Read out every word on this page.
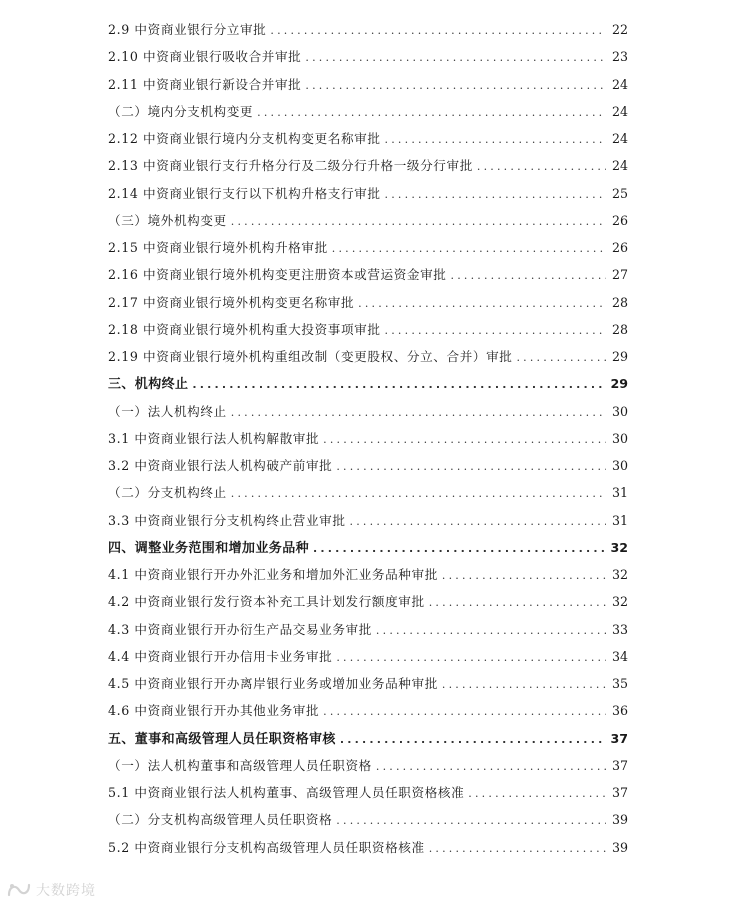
2.9 中资商业银行分立审批 .....	22
2.10 中资商业银行吸收合并审批 .....	23
2.11 中资商业银行新设合并审批 .....	24
（二）境内分支机构变更 .....	24
2.12 中资商业银行境内分支机构变更名称审批 .....	24
2.13 中资商业银行支行升格分行及二级分行升格一级分行审批 .....	24
2.14 中资商业银行支行以下机构升格支行审批 .....	25
（三）境外机构变更 .....	26
2.15 中资商业银行境外机构升格审批 .....	26
2.16 中资商业银行境外机构变更注册资本或营运资金审批 .....	27
2.17 中资商业银行境外机构变更名称审批 .....	28
2.18 中资商业银行境外机构重大投资事项审批 .....	28
2.19 中资商业银行境外机构重组改制（变更股权、分立、合并）审批 .....	29
三、机构终止 .....	29
（一）法人机构终止 .....	30
3.1 中资商业银行法人机构解散审批 .....	30
3.2 中资商业银行法人机构破产前审批 .....	30
（二）分支机构终止 .....	31
3.3 中资商业银行分支机构终止营业审批 .....	31
四、调整业务范围和增加业务品种 .....	32
4.1 中资商业银行开办外汇业务和增加外汇业务品种审批 .....	32
4.2 中资商业银行发行资本补充工具计划发行额度审批 .....	32
4.3 中资商业银行开办衍生产品交易业务审批 .....	33
4.4 中资商业银行开办信用卡业务审批 .....	34
4.5 中资商业银行开办离岸银行业务或增加业务品种审批 .....	35
4.6 中资商业银行开办其他业务审批 .....	36
五、董事和高级管理人员任职资格审核 .....	37
（一）法人机构董事和高级管理人员任职资格 .....	37
5.1 中资商业银行法人机构董事、高级管理人员任职资格核准 .....	37
（二）分支机构高级管理人员任职资格 .....	39
5.2 中资商业银行分支机构高级管理人员任职资格核准 .....	39
大数跨境
